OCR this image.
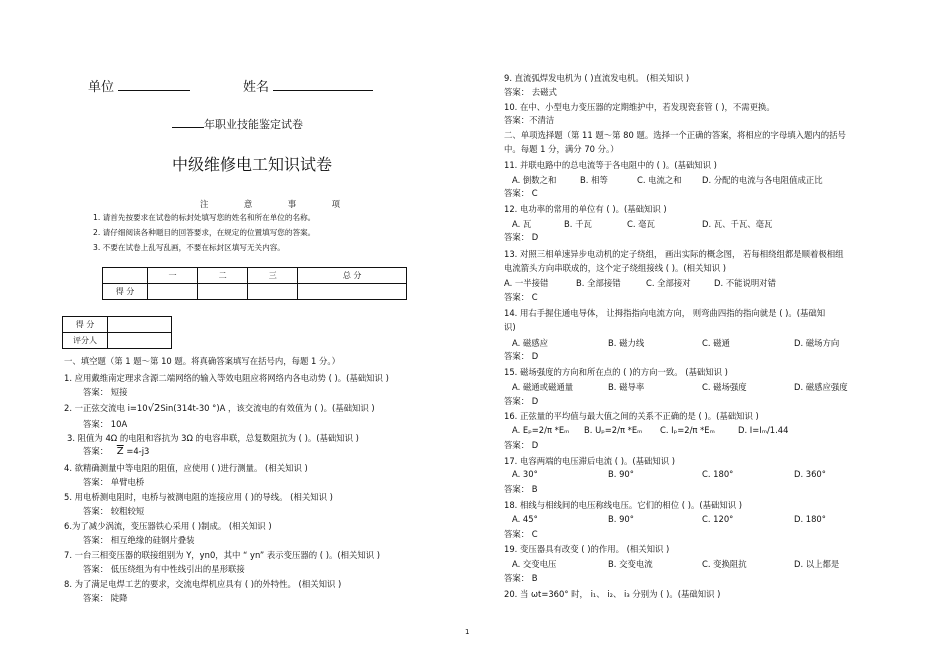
单位	姓名
年职业技能鉴定试卷
中级维修电工知识试卷
注	意	事	项
1. 请首先按要求在试卷的标封处填写您的姓名和所在单位的名称。
2. 请仔细阅读各种题目的回答要求，在规定的位置填写您的答案。
3. 不要在试卷上乱写乱画，不要在标封区填写无关内容。
	一	二	三	总 分
得 分				
得 分	
评分人	
一、填空题（第 1 题～第 10 题。将真确答案填写在括号内，每题 1 分。）
1. 应用戴维南定理求含源二端网络的输入等效电阻应将网络内各电动势 ( )。(基础知识 )
答案： 短接
2. 一正弦交流电 i=10√2Sin(314t-30 °)A ，该交流电的有效值为 ( )。(基础知识 )
答案： 10A
3. 阻值为 4Ω 的电阻和容抗为 3Ω 的电容串联，总复数阻抗为 ( )。(基础知识 )
答案： $\overline{Z} =4-j3$
4. 欲精确测量中等电阻的阻值，应使用 ( )进行测量。 (相关知识 )
答案： 单臂电桥
5. 用电桥测电阻时，电桥与被测电阻的连接应用 ( )的导线。 (相关知识 )
答案： 较粗较短
6.为了减少涡流，变压器铁心采用 ( )制成。 (相关知识 )
答案： 相互绝缘的硅钢片叠装
7. 一台三相变压器的联接组别为 Y，yn0，其中 “ yn” 表示变压器的 ( )。(相关知识 )
答案： 低压绕组为有中性线引出的星形联接
8. 为了满足电焊工艺的要求，交流电焊机应具有 ( )的外特性。 (相关知识 )
答案： 陡降
9. 直流弧焊发电机为 ( )直流发电机。 (相关知识 )
答案： 去磁式
10. 在中、小型电力变压器的定期维护中，若发现瓷套管 ( )，不需更换。
答案：不清洁
二、单项选择题（第 11 题～第 80 题。选择一个正确的答案，将相应的字母填入题内的括号
中。每题 1 分，满分 70 分。）
11. 并联电路中的总电流等于各电阻中的 ( )。(基础知识 )
A. 倒数之和	B. 相等	C. 电流之和 D. 分配的电流与各电阻值成正比
答案： C
12. 电功率的常用的单位有 ( )。(基础知识 )
A. 瓦	B. 千瓦	C. 毫瓦	D. 瓦、千瓦、毫瓦
答案： D
13. 对照三相单速异步电动机的定子绕组， 画出实际的概念图， 若每相绕组都是顺着极相组
电流箭头方向串联成的，这个定子绕组接线 ( )。(相关知识 )
A. 一半接错	B. 全部接错	C. 全部接对	D. 不能说明对错
答案： C
14. 用右手握住通电导体， 让拇指指向电流方向， 则弯曲四指的指向就是 ( )。(基础知
识)
A. 磁感应	B. 磁力线	C. 磁通	D. 磁场方向
答案： D
15. 磁场强度的方向和所在点的 ( )的方向一致。 (基础知识 )
A. 磁通或磁通量	B. 磁导率	C. 磁场强度	D. 磁感应强度
答案： D
16. 正弦量的平均值与最大值之间的关系不正确的是 ( )。(基础知识 )
A. Eₚ=2/π *Eₘ B. Uₚ=2/π *Eₘ C. Iₚ=2/π *Eₘ	D. I=Iₘ/1.44
答案： D
17. 电容两端的电压滞后电流 ( )。(基础知识 )
A. 30°	B. 90°	C. 180°	D. 360°
答案： B
18. 相线与相线间的电压称线电压。它们的相位 ( )。(基础知识 )
A. 45°	B. 90°	C. 120°	D. 180°
答案： C
19. 变压器具有改变 ( )的作用。 (相关知识 )
A. 交变电压	B. 交变电流	C. 变换阻抗	D. 以上都是
答案： B
20. 当 ωt=360° 时， i₁、 i₂、 i₃ 分别为 ( )。(基础知识 )
1
